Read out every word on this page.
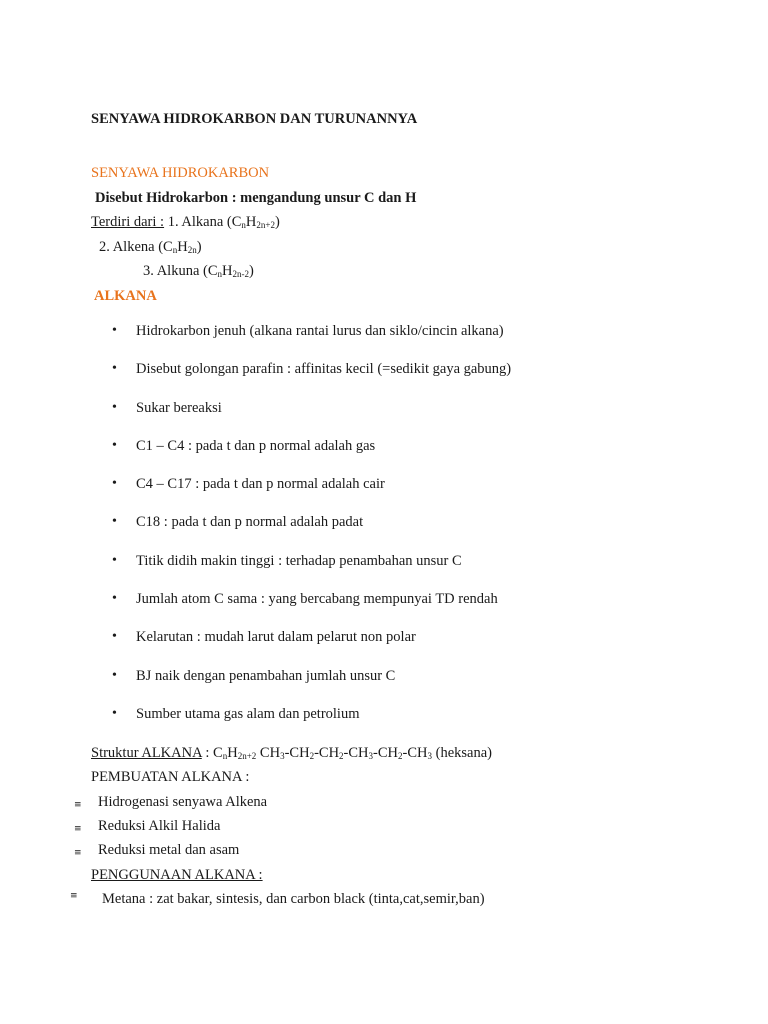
SENYAWA HIDROKARBON DAN TURUNANNYA
SENYAWA HIDROKARBON
Disebut Hidrokarbon : mengandung unsur C dan H
Terdiri dari : 1. Alkana $(C_nH_{2n+2})$
2. Alkena $(C_nH_{2n})$
3. Alkuna $(C_nH_{2n-2})$
ALKANA
• Hidrokarbon jenuh (alkana rantai lurus dan siklo/cincin alkana)
• Disebut golongan parafin : affinitas kecil (=sedikit gaya gabung)
• Sukar bereaksi
• C1 – C4 : pada t dan p normal adalah gas
• C4 – C17 : pada t dan p normal adalah cair
• C18 : pada t dan p normal adalah padat
• Titik didih makin tinggi : terhadap penambahan unsur C
• Jumlah atom C sama : yang bercabang mempunyai TD rendah
• Kelarutan : mudah larut dalam pelarut non polar
• BJ naik dengan penambahan jumlah unsur C
• Sumber utama gas alam dan petrolium
Struktur ALKANA : $C_nH_{2n+2}$ $CH_3-CH_2-CH_2-CH_3-CH_2-CH_3$ (heksana)
PEMBUATAN ALKANA :
≡ Hidrogenasi senyawa Alkena
≡ Reduksi Alkil Halida
≡ Reduksi metal dan asam
PENGGUNAAN ALKANA :
≡ Metana : zat bakar, sintesis, dan carbon black (tinta,cat,semir,ban)
